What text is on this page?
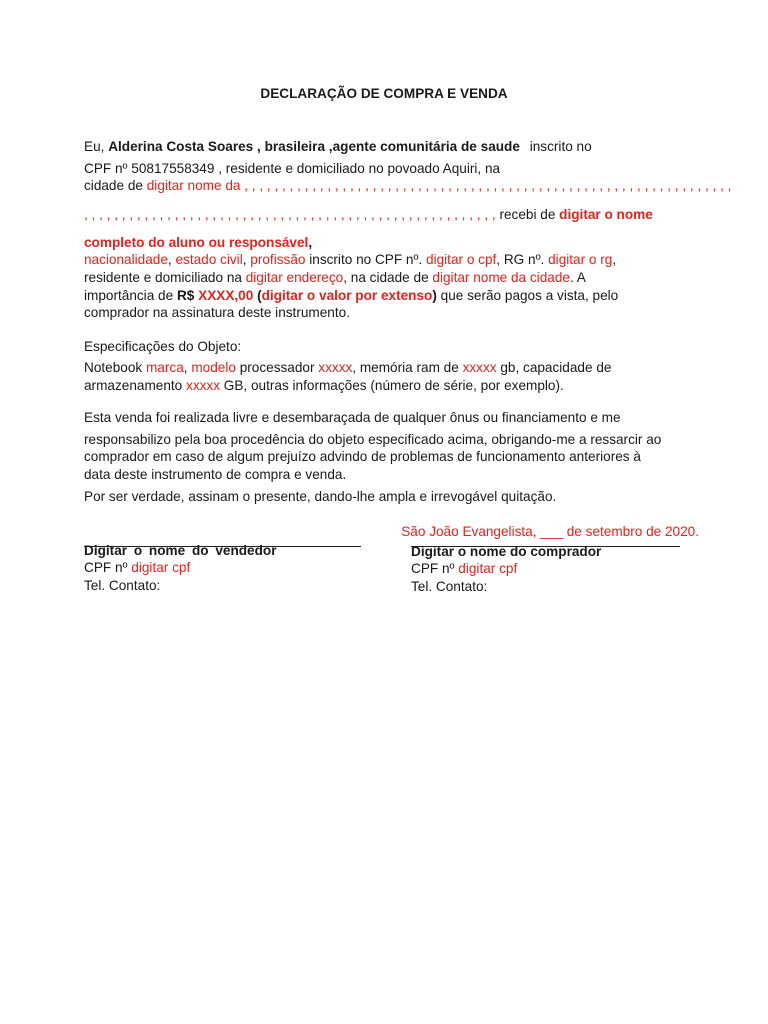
DECLARAÇÃO DE COMPRA E VENDA
Eu, Alderina Costa Soares , brasileira ,agente comunitária de saude inscrito no
CPF nº 50817558349 , residente e domiciliado no povoado Aquiri, na
cidade de digitar nome da , , , , , , , , , , , , , , , , , , , , , , , , , , , , , , , , , , , , , , , , , , , , , , , , , , , , , , , , , , , , , , , , ,
, , , , , , , , , , , , , , , , , , , , , , , , , , , , , , , , , , , , , , , , , , , , , , , , , , , , , , , recebi de digitar o nome
completo do aluno ou responsável,
nacionalidade, estado civil, profissão inscrito no CPF nº. digitar o cpf, RG nº. digitar o rg,
residente e domiciliado na digitar endereço, na cidade de digitar nome da cidade. A
importância de R$ XXXX,00 (digitar o valor por extenso) que serão pagos a vista, pelo
comprador na assinatura deste instrumento.
Especificações do Objeto:
Notebook marca, modelo processador xxxxx, memória ram de xxxxx gb, capacidade de
armazenamento xxxxx GB, outras informações (número de série, por exemplo).
Esta venda foi realizada livre e desembaraçada de qualquer ônus ou financiamento e me
responsabilizo pela boa procedência do objeto especificado acima, obrigando-me a ressarcir ao
comprador em caso de algum prejuízo advindo de problemas de funcionamento anteriores à
data deste instrumento de compra e venda.
Por ser verdade, assinam o presente, dando-lhe ampla e irrevogável quitação.
São João Evangelista, ___ de setembro de 2020.
Digitar o nome do vendedor
CPF nº digitar cpf
Tel. Contato:
Digitar o nome do comprador
CPF nº digitar cpf
Tel. Contato:
